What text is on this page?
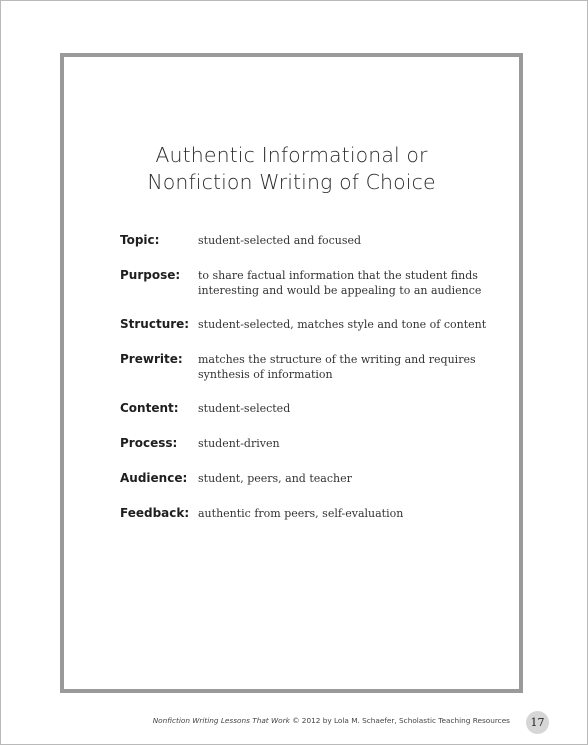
Authentic Informational or
Nonfiction Writing of Choice
Topic:	student-selected and focused
Purpose:	to share factual information that the student finds
interesting and would be appealing to an audience
Structure: student-selected, matches style and tone of content
Prewrite:	matches the structure of the writing and requires
synthesis of information
Content:	student-selected
Process:	student-driven
Audience: student, peers, and teacher
Feedback: authentic from peers, self-evaluation
Nonfiction Writing Lessons That Work © 2012 by Lola M. Schaefer, Scholastic Teaching Resources	17
